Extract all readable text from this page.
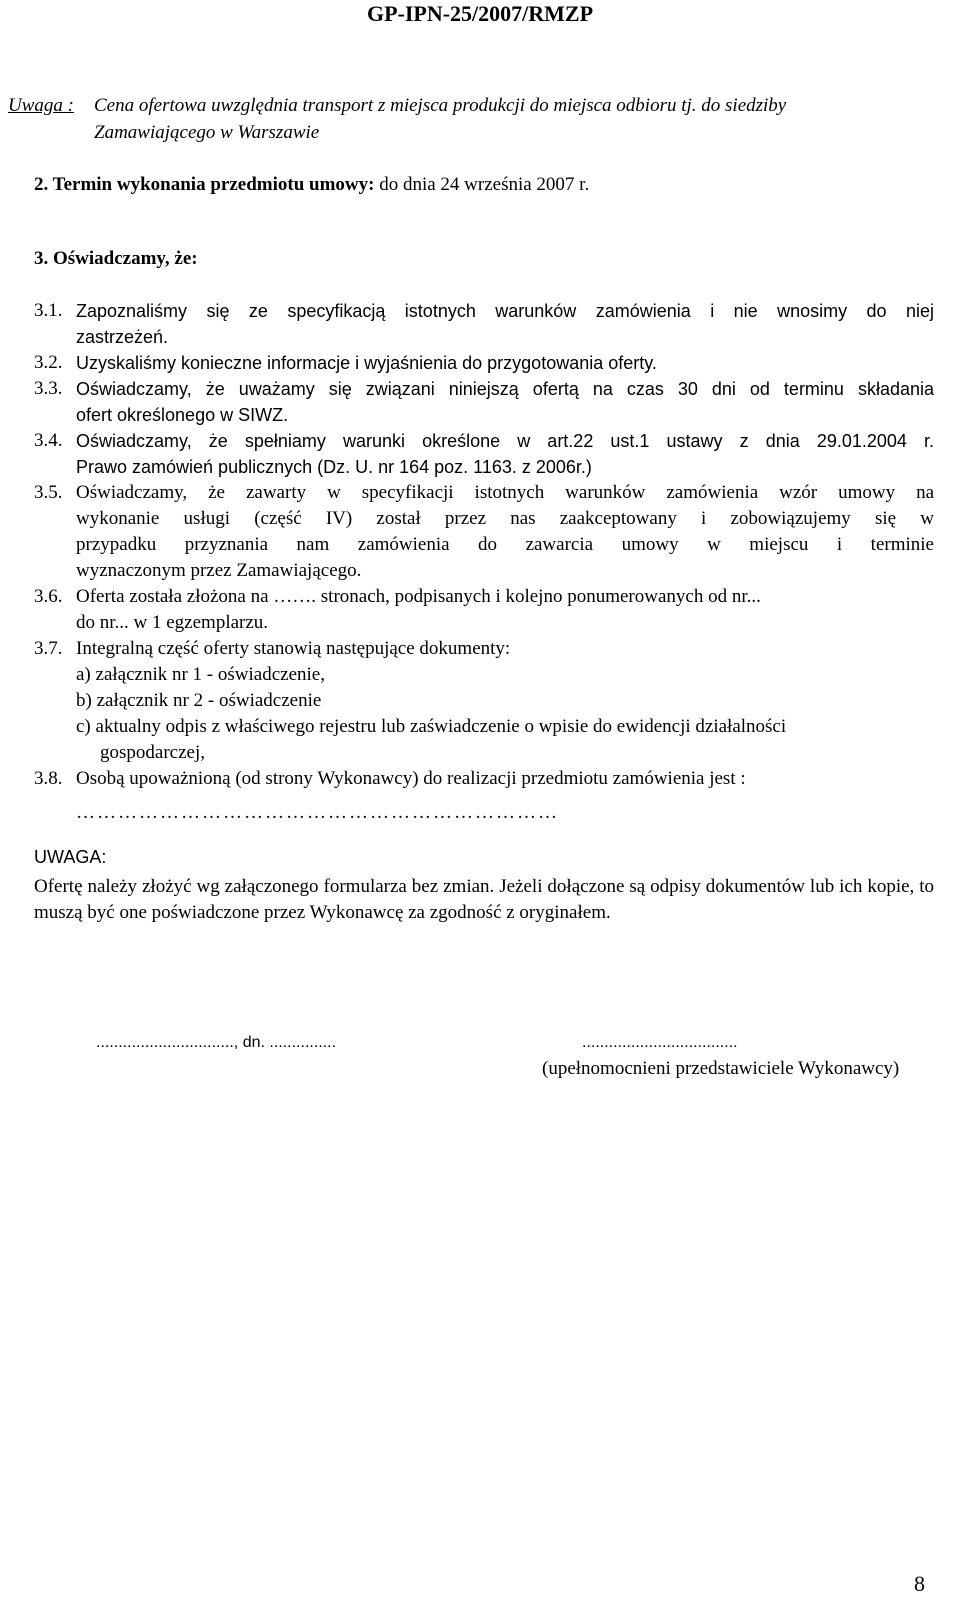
GP-IPN-25/2007/RMZP
Uwaga : Cena ofertowa uwzględnia transport z miejsca produkcji do miejsca odbioru tj. do siedziby
Zamawiającego w Warszawie
2. Termin wykonania przedmiotu umowy: do dnia 24 września 2007 r.
3. Oświadczamy, że:
3.1. Zapoznaliśmy się ze specyfikacją istotnych warunków zamówienia i nie wnosimy do niej
zastrzeżeń.
3.2. Uzyskaliśmy konieczne informacje i wyjaśnienia do przygotowania oferty.
3.3. Oświadczamy, że uważamy się związani niniejszą ofertą na czas 30 dni od terminu składania
ofert określonego w SIWZ.
3.4. Oświadczamy, że spełniamy warunki określone w art.22 ust.1 ustawy z dnia 29.01.2004 r.
Prawo zamówień publicznych (Dz. U. nr 164 poz. 1163. z 2006r.)
3.5. Oświadczamy, że zawarty w specyfikacji istotnych warunków zamówienia wzór umowy na
wykonanie usługi (część IV) został przez nas zaakceptowany i zobowiązujemy się w
przypadku przyznania nam zamówienia do zawarcia umowy w miejscu i terminie
wyznaczonym przez Zamawiającego.
3.6. Oferta została złożona na ……. stronach, podpisanych i kolejno ponumerowanych od nr...
do nr... w 1 egzemplarzu.
3.7. Integralną część oferty stanowią następujące dokumenty:
a) załącznik nr 1 - oświadczenie,
b) załącznik nr 2 - oświadczenie
c) aktualny odpis z właściwego rejestru lub zaświadczenie o wpisie do ewidencji działalności
gospodarczej,
3.8. Osobą upoważnioną (od strony Wykonawcy) do realizacji przedmiotu zamówienia jest :
……………………………………………………………
UWAGA:
Ofertę należy złożyć wg załączonego formularza bez zmian. Jeżeli dołączone są odpisy dokumentów lub ich kopie, to muszą być one poświadczone przez Wykonawcę za zgodność z oryginałem.
..............................., dn. ...............	...................................
(upełnomocnieni przedstawiciele Wykonawcy)
8
